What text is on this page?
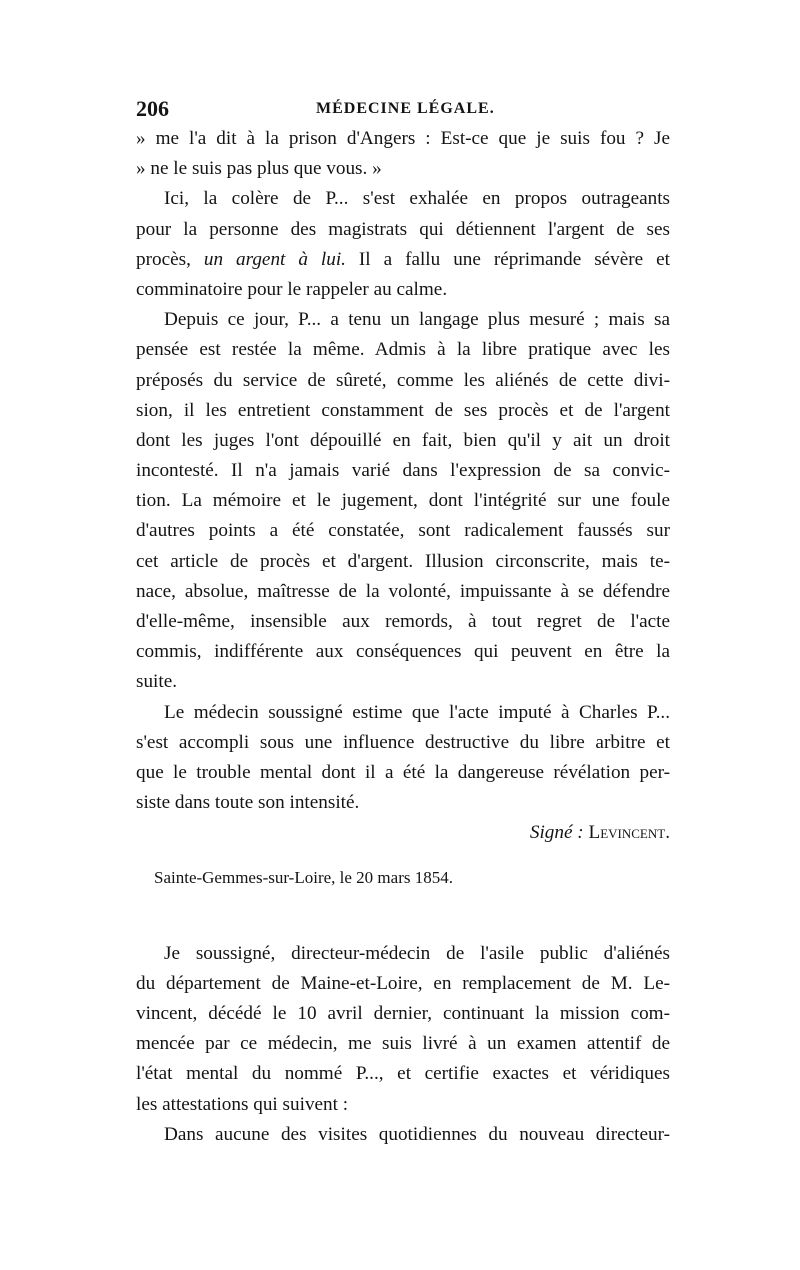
206	MÉDECINE LÉGALE.
» me l'a dit à la prison d'Angers : Est-ce que je suis fou ? Je
» ne le suis pas plus que vous. »
Ici, la colère de P... s'est exhalée en propos outrageants
pour la personne des magistrats qui détiennent l'argent de ses
procès, un argent à lui. Il a fallu une réprimande sévère et
comminatoire pour le rappeler au calme.
Depuis ce jour, P... a tenu un langage plus mesuré ; mais sa
pensée est restée la même. Admis à la libre pratique avec les
préposés du service de sûreté, comme les aliénés de cette divi-
sion, il les entretient constamment de ses procès et de l'argent
dont les juges l'ont dépouillé en fait, bien qu'il y ait un droit
incontesté. Il n'a jamais varié dans l'expression de sa convic-
tion. La mémoire et le jugement, dont l'intégrité sur une foule
d'autres points a été constatée, sont radicalement faussés sur
cet article de procès et d'argent. Illusion circonscrite, mais te-
nace, absolue, maîtresse de la volonté, impuissante à se défendre
d'elle-même, insensible aux remords, à tout regret de l'acte
commis, indifférente aux conséquences qui peuvent en être la
suite.
Le médecin soussigné estime que l'acte imputé à Charles P...
s'est accompli sous une influence destructive du libre arbitre et
que le trouble mental dont il a été la dangereuse révélation per-
siste dans toute son intensité.
Signé : Levincent.
Sainte-Gemmes-sur-Loire, le 20 mars 1854.
Je soussigné, directeur-médecin de l'asile public d'aliénés
du département de Maine-et-Loire, en remplacement de M. Le-
vincent, décédé le 10 avril dernier, continuant la mission com-
mencée par ce médecin, me suis livré à un examen attentif de
l'état mental du nommé P..., et certifie exactes et véridiques
les attestations qui suivent :
Dans aucune des visites quotidiennes du nouveau directeur-
